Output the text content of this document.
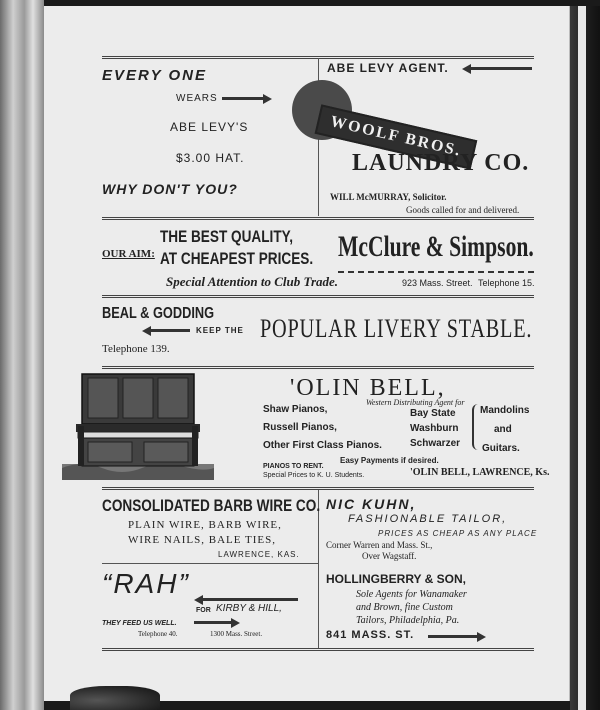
EVERY ONE
WEARS
ABE LEVY'S
$3.00 HAT.
WHY DON'T YOU?
ABE LEVY AGENT.
WOOLF BROS.
LAUNDRY CO.
WILL McMURRAY, Solicitor.
Goods called for and delivered.
OUR AIM:
THE BEST QUALITY,
AT CHEAPEST PRICES.
Special Attention to Club Trade.
McClure & Simpson.
923 Mass. Street. Telephone 15.
BEAL & GODDING
KEEP THE
Telephone 139.
POPULAR LIVERY STABLE.
'OLIN BELL,
Western Distributing Agent for
Shaw Pianos,
Russell Pianos,
Other First Class Pianos.
Bay State
Washburn
Schwarzer
Mandolins
and
Guitars.
Easy Payments if desired.
PIANOS TO RENT.
Special Prices to K. U. Students.	'OLIN BELL, LAWRENCE, Ks.
CONSOLIDATED BARB WIRE CO.
PLAIN WIRE, BARB WIRE,
WIRE NAILS, BALE TIES,
LAWRENCE, KAS.
NIC KUHN,
FASHIONABLE TAILOR,
PRICES AS CHEAP AS ANY PLACE
Corner Warren and Mass. St.,
Over Wagstaff.
“RAH”
FOR KIRBY & HILL,
THEY FEED US WELL.
Telephone 40.	1300 Mass. Street.
HOLLINGBERRY & SON,
Sole Agents for Wanamaker
and Brown, fine Custom
Tailors, Philadelphia, Pa.
841 MASS. ST.
